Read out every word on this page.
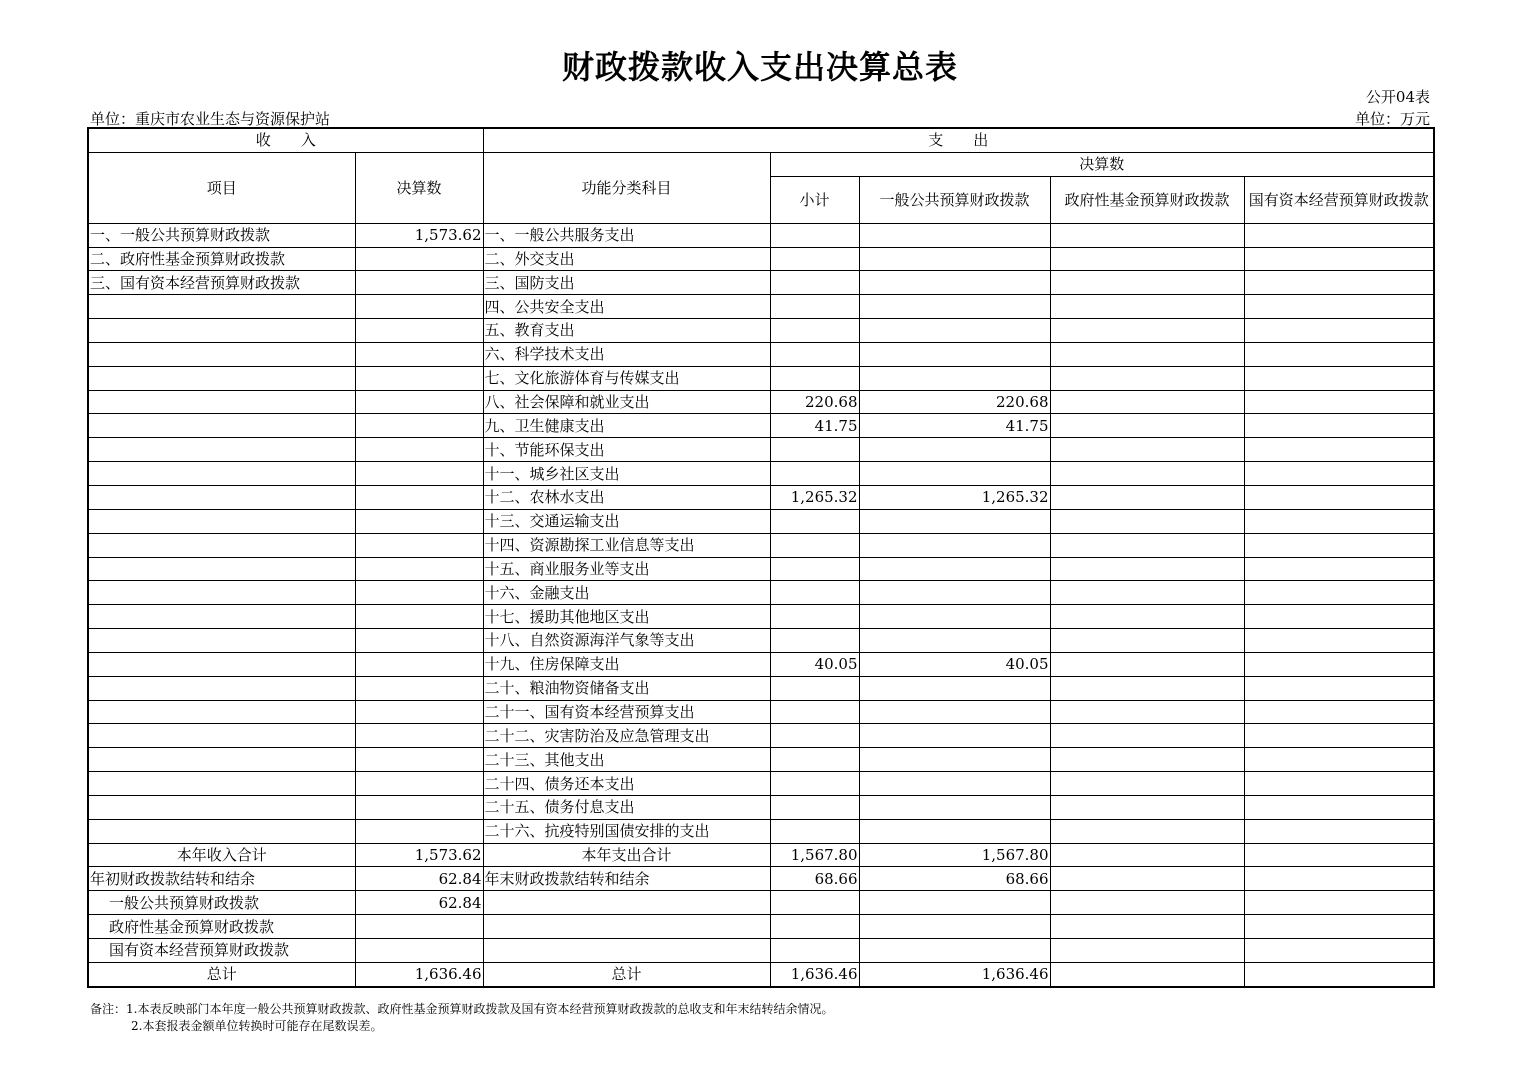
财政拨款收入支出决算总表
公开04表
单位：重庆市农业生态与资源保护站	单位：万元
收　　入		支　　出				
项目	决算数	功能分类科目	决算数			
			小计	一般公共预算财政拨款	政府性基金预算财政拨款	国有资本经营预算财政拨款

一、一般公共预算财政拨款	1,573.62	一、一般公共服务支出				
二、政府性基金预算财政拨款		二、外交支出				
三、国有资本经营预算财政拨款		三、国防支出				
		四、公共安全支出				
		五、教育支出				
		六、科学技术支出				
		七、文化旅游体育与传媒支出				
		八、社会保障和就业支出	220.68	220.68		
		九、卫生健康支出	41.75	41.75		
		十、节能环保支出				
		十一、城乡社区支出				
		十二、农林水支出	1,265.32	1,265.32		
		十三、交通运输支出				
		十四、资源勘探工业信息等支出				
		十五、商业服务业等支出				
		十六、金融支出				
		十七、援助其他地区支出				
		十八、自然资源海洋气象等支出				
		十九、住房保障支出	40.05	40.05		
		二十、粮油物资储备支出				
		二十一、国有资本经营预算支出				
		二十二、灾害防治及应急管理支出				
		二十三、其他支出				
		二十四、债务还本支出				
		二十五、债务付息支出				
		二十六、抗疫特别国债安排的支出				
本年收入合计	1,573.62	本年支出合计	1,567.80	1,567.80		
年初财政拨款结转和结余	62.84	年末财政拨款结转和结余	68.66	68.66		
一般公共预算财政拨款	62.84					
政府性基金预算财政拨款						
国有资本经营预算财政拨款						
总计	1,636.46	总计	1,636.46	1,636.46		
备注：1.本表反映部门本年度一般公共预算财政拨款、政府性基金预算财政拨款及国有资本经营预算财政拨款的总收支和年末结转结余情况。
2.本套报表金额单位转换时可能存在尾数误差。
